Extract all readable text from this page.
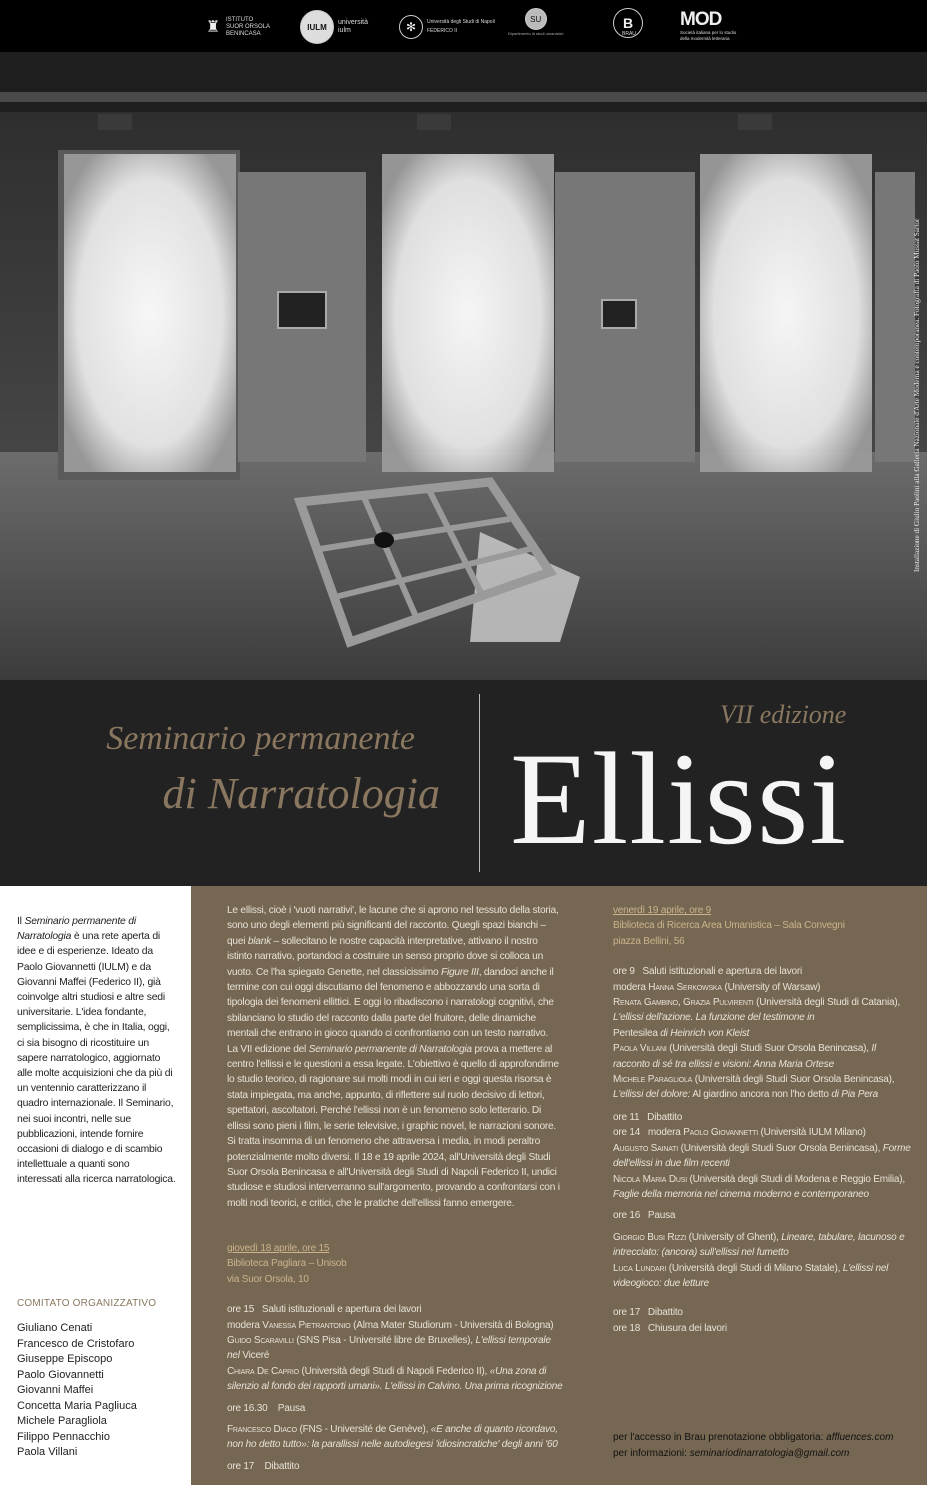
♜ ISTITUTO
SUOR ORSOLA
BENINCASA
IULM	università
iulm	✻	Università degli Studi di Napoli
FEDERICO II
SU
Dipartimento di studi umanistici
B
BRAU
MOD
Società italiana per lo studio
della modernità letteraria
Installazione di Giulio Paolini alla Galleria Nazionale d'Arte Moderna e contemporanea. Fotografia di Paolo Mussat Sartor
Seminario permanente
di Narratologia
VII edizione
Ellissi

Il Seminario permanente di Narratologia è una rete aperta di idee e di esperienze. Ideato da Paolo Giovannetti (IULM) e da Giovanni Maffei (Federico II), già coinvolge altri studiosi e altre sedi universitarie. L'idea fondante, semplicissima, è che in Italia, oggi, ci sia bisogno di ricostituire un sapere narratologico, aggiornato alle molte acquisizioni che da più di un ventennio caratterizzano il quadro internazionale. Il Seminario, nei suoi incontri, nelle sue pubblicazioni, intende fornire occasioni di dialogo e di scambio intellettuale a quanti sono interessati alla ricerca narratologica.

COMITATO ORGANIZZATIVO
Giuliano Cenati
Francesco de Cristofaro
Giuseppe Episcopo
Paolo Giovannetti
Giovanni Maffei
Concetta Maria Pagliuca
Michele Paragliola
Filippo Pennacchio
Paola Villani

Le ellissi, cioè i 'vuoti narrativi', le lacune che si aprono nel tessuto della storia, sono uno degli elementi più significanti del racconto. Quegli spazi bianchi – quei blank – sollecitano le nostre capacità interpretative, attivano il nostro istinto narrativo, portandoci a costruire un senso proprio dove si colloca un vuoto. Ce l'ha spiegato Genette, nel classicissimo Figure III, dandoci anche il termine con cui oggi discutiamo del fenomeno e abbozzando una sorta di tipologia dei fenomeni ellittici. E oggi lo ribadiscono i narratologi cognitivi, che sbilanciano lo studio del racconto dalla parte del fruitore, delle dinamiche mentali che entrano in gioco quando ci confrontiamo con un testo narrativo.

La VII edizione del Seminario permanente di Narratologia prova a mettere al centro l'ellissi e le questioni a essa legate. L'obiettivo è quello di approfondirne lo studio teorico, di ragionare sui molti modi in cui ieri e oggi questa risorsa è stata impiegata, ma anche, appunto, di riflettere sul ruolo decisivo di lettori, spettatori, ascoltatori. Perché l'ellissi non è un fenomeno solo letterario. Di ellissi sono pieni i film, le serie televisive, i graphic novel, le narrazioni sonore. Si tratta insomma di un fenomeno che attraversa i media, in modi peraltro potenzialmente molto diversi. Il 18 e 19 aprile 2024, all'Università degli Studi Suor Orsola Benincasa e all'Università degli Studi di Napoli Federico II, undici studiose e studiosi interverranno sull'argomento, provando a confrontarsi con i molti nodi teorici, e critici, che le pratiche dell'ellissi fanno emergere.

giovedì 18 aprile, ore 15

Biblioteca Pagliara – Unisob

via Suor Orsola, 10

ore 15 Saluti istituzionali e apertura dei lavori

modera Vanessa Pietrantonio (Alma Mater Studiorum - Università di Bologna)

Guido Scaravilli (SNS Pisa - Université libre de Bruxelles), L'ellissi temporale nel Viceré

Chiara De Caprio (Università degli Studi di Napoli Federico II), «Una zona di silenzio al fondo dei rapporti umani». L'ellissi in Calvino. Una prima ricognizione

ore 16.30 Pausa

Francesco Diaco (FNS - Université de Genève), «E anche di quanto ricordavo, non ho detto tutto»: la parallissi nelle autodiegesi 'idiosincratiche' degli anni '60

ore 17 Dibattito

venerdì 19 aprile, ore 9

Biblioteca di Ricerca Area Umanistica – Sala Convegni

piazza Bellini, 56

ore 9 Saluti istituzionali e apertura dei lavori

modera Hanna Serkowska (University of Warsaw)

Renata Gambino, Grazia Pulvirenti (Università degli Studi di Catania), L'ellissi dell'azione. La funzione del testimone in

Pentesilea di Heinrich von Kleist

Paola Villani (Università degli Studi Suor Orsola Benincasa), Il racconto di sé tra ellissi e visioni: Anna Maria Ortese

Michele Paragliola (Università degli Studi Suor Orsola Benincasa), L'ellissi del dolore: Al giardino ancora non l'ho detto di Pia Pera

ore 11 Dibattito

ore 14 modera Paolo Giovannetti (Università IULM Milano)

Augusto Sainati (Università degli Studi Suor Orsola Benincasa), Forme dell'ellissi in due film recenti

Nicola Maria Dusi (Università degli Studi di Modena e Reggio Emilia), Faglie della memoria nel cinema moderno e contemporaneo

ore 16 Pausa

Giorgio Busi Rizzi (University of Ghent), Lineare, tabulare, lacunoso e intrecciato: (ancora) sull'ellissi nel fumetto

Luca Lundari (Università degli Studi di Milano Statale), L'ellissi nel videogioco: due letture

ore 17 Dibattito

ore 18 Chiusura dei lavori

per l'accesso in Brau prenotazione obbligatoria: affluences.com

per informazioni: seminariodinarratologia@gmail.com
